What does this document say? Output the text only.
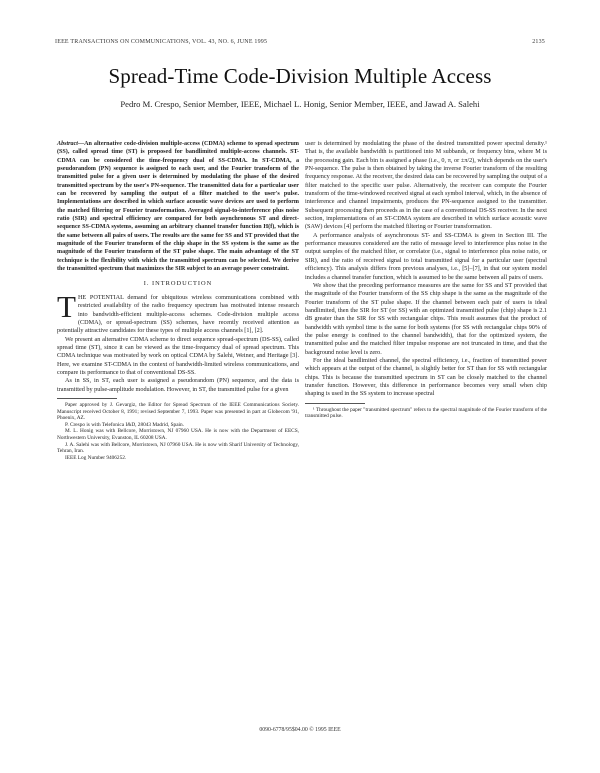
IEEE TRANSACTIONS ON COMMUNICATIONS, VOL. 43, NO. 6, JUNE 1995	2135
Spread-Time Code-Division Multiple Access
Pedro M. Crespo, Senior Member, IEEE, Michael L. Honig, Senior Member, IEEE, and Jawad A. Salehi

Abstract—An alternative code-division multiple-access (CDMA) scheme to spread spectrum (SS), called spread time (ST) is proposed for bandlimited multiple-access channels. ST-CDMA can be considered the time-frequency dual of SS-CDMA. In ST-CDMA, a pseudorandom (PN) sequence is assigned to each user, and the Fourier transform of the transmitted pulse for a given user is determined by modulating the phase of the desired transmitted spectrum by the user's PN-sequence. The transmitted data for a particular user can be recovered by sampling the output of a filter matched to the user's pulse. Implementations are described in which surface acoustic wave devices are used to perform the matched filtering or Fourier transformation. Averaged signal-to-interference plus noise ratio (SIR) and spectral efficiency are compared for both asynchronous ST and direct-sequence SS-CDMA systems, assuming an arbitrary channel transfer function H(f), which is the same between all pairs of users. The results are the same for SS and ST provided that the magnitude of the Fourier transform of the chip shape in the SS system is the same as the magnitude of the Fourier transform of the ST pulse shape. The main advantage of the ST technique is the flexibility with which the transmitted spectrum can be selected. We derive the transmitted spectrum that maximizes the SIR subject to an average power constraint.

I. INTRODUCTION

THE POTENTIAL demand for ubiquitous wireless communications combined with restricted availability of the radio frequency spectrum has motivated intense research into bandwidth-efficient multiple-access schemes. Code-division multiple access (CDMA), or spread-spectrum (SS) schemes, have recently received attention as potentially attractive candidates for these types of multiple access channels [1], [2].

We present an alternative CDMA scheme to direct sequence spread-spectrum (DS-SS), called spread time (ST), since it can be viewed as the time-frequency dual of spread spectrum. This CDMA technique was motivated by work on optical CDMA by Salehi, Weiner, and Heritage [3]. Here, we examine ST-CDMA in the context of bandwidth-limited wireless communications, and compare its performance to that of conventional DS-SS.

As in SS, in ST, each user is assigned a pseudorandom (PN) sequence, and the data is transmitted by pulse-amplitude modulation. However, in ST, the transmitted pulse for a given

Paper approved by J. Gevargiz, the Editor for Spread Spectrum of the IEEE Communications Society. Manuscript received October 8, 1991; revised September 7, 1993. Paper was presented in part at Globecom '91, Phoenix, AZ.

P. Crespo is with Telefonica I&D, 28043 Madrid, Spain.

M. L. Honig was with Bellcore, Morristown, NJ 07960 USA. He is now with the Department of EECS, Northwestern University, Evanston, IL 60208 USA.

J. A. Salehi was with Bellcore, Morristown, NJ 07960 USA. He is now with Sharif University of Technology, Tehran, Iran.

IEEE Log Number 9406252.

user is determined by modulating the phase of the desired transmitted power spectral density.¹ That is, the available bandwidth is partitioned into M subbands, or frequency bins, where M is the processing gain. Each bin is assigned a phase (i.e., 0, π, or ±π/2), which depends on the user's PN-sequence. The pulse is then obtained by taking the inverse Fourier transform of the resulting frequency response. At the receiver, the desired data can be recovered by sampling the output of a filter matched to the specific user pulse. Alternatively, the receiver can compute the Fourier transform of the time-windowed received signal at each symbol interval, which, in the absence of interference and channel impairments, produces the PN-sequence assigned to the transmitter. Subsequent processing then proceeds as in the case of a conventional DS-SS receiver. In the next section, implementations of an ST-CDMA system are described in which surface acoustic wave (SAW) devices [4] perform the matched filtering or Fourier transformation.

A performance analysis of asynchronous ST- and SS-CDMA is given in Section III. The performance measures considered are the ratio of message level to interference plus noise in the output samples of the matched filter, or correlator (i.e., signal to interference plus noise ratio, or SIR), and the ratio of received signal to total transmitted signal for a particular user (spectral efficiency). This analysis differs from previous analyses, i.e., [5]–[7], in that our system model includes a channel transfer function, which is assumed to be the same between all pairs of users.

We show that the preceding performance measures are the same for SS and ST provided that the magnitude of the Fourier transform of the SS chip shape is the same as the magnitude of the Fourier transform of the ST pulse shape. If the channel between each pair of users is ideal bandlimited, then the SIR for ST (or SS) with an optimized transmitted pulse (chip) shape is 2.1 dB greater than the SIR for SS with rectangular chips. This result assumes that the product of bandwidth with symbol time is the same for both systems (for SS with rectangular chips 90% of the pulse energy is confined to the channel bandwidth), that for the optimized system, the transmitted pulse and the matched filter impulse response are not truncated in time, and that the background noise level is zero.

For the ideal bandlimited channel, the spectral efficiency, i.e., fraction of transmitted power which appears at the output of the channel, is slightly better for ST than for SS with rectangular chips. This is because the transmitted spectrum in ST can be closely matched to the channel transfer function. However, this difference in performance becomes very small when chip shaping is used in the SS system to increase spectral

¹ Throughout the paper "transmitted spectrum" refers to the spectral magnitude of the Fourier transform of the transmitted pulse.

0090-6778/95$04.00 © 1995 IEEE
